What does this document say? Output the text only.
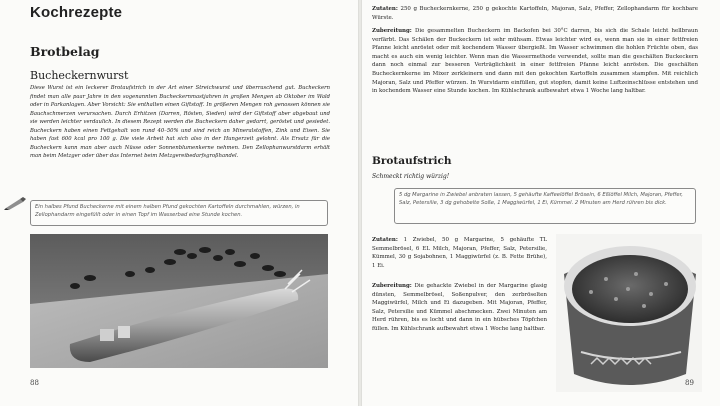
Kochrezepte
Brotbelag
Bucheckernwurst
Diese Wurst ist ein leckerer Brotaufstrich in der Art einer Streichwurst und überraschend gut. Bucheckern findet man alle paar Jahre in den sogenannten Bucheckernmastjahren in großen Mengen ab Oktober im Wald oder in Parkanlagen. Aber Vorsicht: Sie enthalten einen Giftstoff. In größeren Mengen roh genossen können sie Bauchschmerzen verursachen. Durch Erhitzen (Darren, Rösten, Sieden) wird der Giftstoff aber abgebaut und sie werden leichter verdaulich. In diesem Rezept werden die Bucheckern daher gedarrt, geröstet und gesiedet. Bucheckern haben einen Fettgehalt von rund 40–50% und sind reich an Mineralstoffen, Zink und Eisen. Sie haben fast 600 kcal pro 100 g. Die viele Arbeit hat sich also in der Hungerzeit gelohnt. Als Ersatz für die Bucheckern kann man aber auch Nüsse oder Sonnenblumenkerne nehmen. Den Zellophanwurstdarm erhält man beim Metzger oder über das Internet beim Metzgereibedarfsgroßhandel.
Ein halbes Pfund Bucheckerne mit einem halben Pfund gekochten Kartoffeln durchmahlen, würzen, in Zellophandarm eingefüllt oder in einen Topf im Wasserbad eine Stunde kochen.
88
Zutaten: 250 g Bucheckernkerne, 250 g gekochte Kartoffeln, Majoran, Salz, Pfeffer, Zellophandarm für kochbare Würste.
Zubereitung: Die gesammelten Bucheckern im Backofen bei 30°C darren, bis sich die Schale leicht hellbraun verfärbt. Das Schälen der Buckeckern ist sehr mühsam. Etwas leichter wird es, wenn man sie in einer fettfreien Pfanne leicht anröstet oder mit kochendem Wasser übergießt. Im Wasser schwimmen die hohlen Früchte oben, das macht es auch ein wenig leichter. Wenn man die Wassermethode verwendet, sollte man die geschälten Buckeckern dann noch einmal zur besseren Verträglichkeit in einer fettfreien Pfanne leicht anrösten. Die geschälten Bucheckernkerne im Mixer zerkleinern und dann mit den gekochten Kartoffeln zusammen stampfen. Mit reichlich Majoran, Salz und Pfeffer würzen. In Wurstdarm einfüllen, gut stopfen, damit keine Luftzeinschlüsse entstehen und in kochendem Wasser eine Stunde kochen. Im Kühlschrank aufbewahrt etwa 1 Woche lang haltbar.
Brotaufstrich
Schmeckt richtig würzig!
5 dg Margarine in Zwiebel anbraten lassen, 5 gehäufte Kaffeelöffel Bröseln, 6 Eßlöffel Milch, Majoran, Pfeffer, Salz, Petersilie, 3 dg gehobelte Soße, 1 Maggiwürfel, 1 Ei, Kümmel. 2 Minuten am Herd rühren bis dick.
Zutaten: 1 Zwiebel, 50 g Margarine, 5 gehäufte TL Semmelbrösel, 6 EL Milch, Majoran, Pfeffer, Salz, Petersilie, Kümmel, 30 g Sojabohnen, 1 Maggiwürfel (z. B. Fette Brühe), 1 Ei.
Zubereitung: Die gehackte Zwiebel in der Margarine glasig dünsten, Semmelbrösel, Soßenpulver, den zerbröselten Maggiwürfel, Milch und Ei dazugeben. Mit Majoran, Pfeffer, Salz, Petersilie und Kümmel abschmecken. Zwei Minuten am Herd rühren, bis es locht und dann in ein hübsches Töpfchen füllen. Im Kühlschrank aufbewahrt etwa 1 Woche lang haltbar.
89
